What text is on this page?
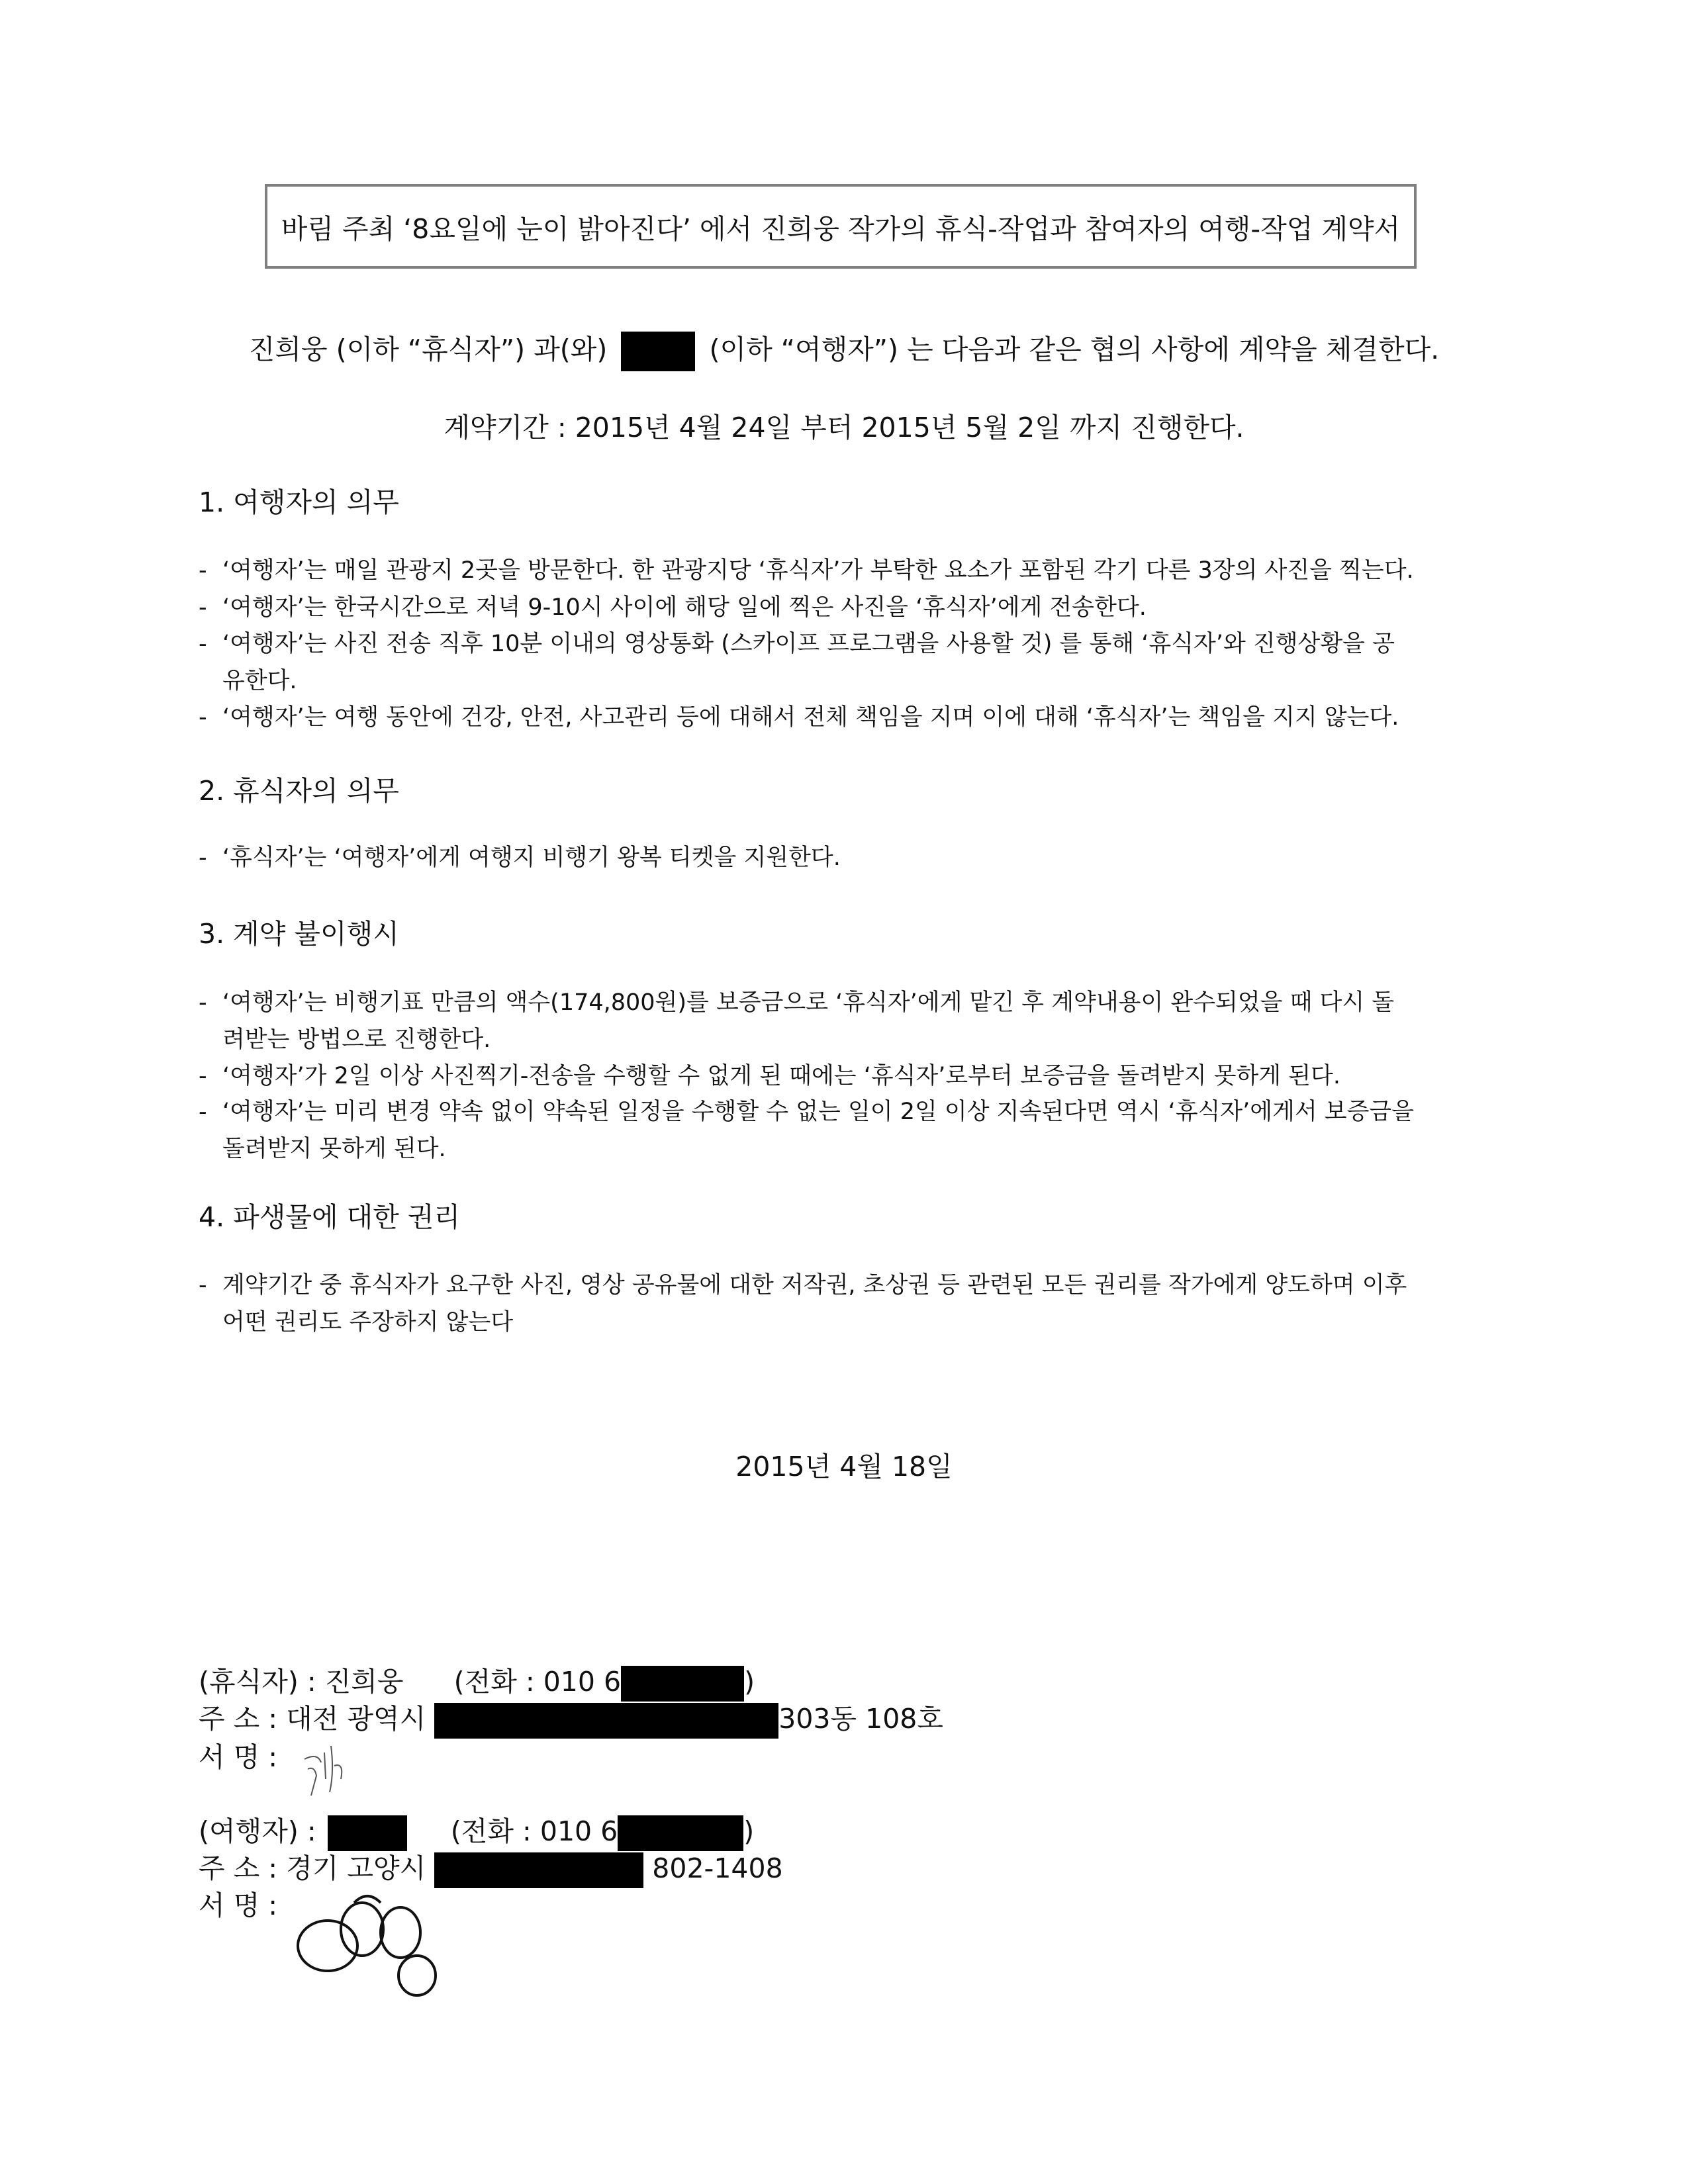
바림 주최 ‘8요일에 눈이 밝아진다’ 에서 진희웅 작가의 휴식-작업과 참여자의 여행-작업 계약서
진희웅 (이하 “휴식자”) 과(와)	(이하 “여행자”) 는 다음과 같은 협의 사항에 계약을 체결한다.
계약기간 : 2015년 4월 24일 부터 2015년 5월 2일 까지 진행한다.
1. 여행자의 의무
- ‘여행자’는 매일 관광지 2곳을 방문한다. 한 관광지당 ‘휴식자’가 부탁한 요소가 포함된 각기 다른 3장의 사진을 찍는다.
- ‘여행자’는 한국시간으로 저녁 9-10시 사이에 해당 일에 찍은 사진을 ‘휴식자’에게 전송한다.
- ‘여행자’는 사진 전송 직후 10분 이내의 영상통화 (스카이프 프로그램을 사용할 것) 를 통해 ‘휴식자’와 진행상황을 공
유한다.
- ‘여행자’는 여행 동안에 건강, 안전, 사고관리 등에 대해서 전체 책임을 지며 이에 대해 ‘휴식자’는 책임을 지지 않는다.
2. 휴식자의 의무
- ‘휴식자’는 ‘여행자’에게 여행지 비행기 왕복 티켓을 지원한다.
3. 계약 불이행시
- ‘여행자’는 비행기표 만큼의 액수(174,800원)를 보증금으로 ‘휴식자’에게 맡긴 후 계약내용이 완수되었을 때 다시 돌
려받는 방법으로 진행한다.
- ‘여행자’가 2일 이상 사진찍기-전송을 수행할 수 없게 된 때에는 ‘휴식자’로부터 보증금을 돌려받지 못하게 된다.
- ‘여행자’는 미리 변경 약속 없이 약속된 일정을 수행할 수 없는 일이 2일 이상 지속된다면 역시 ‘휴식자’에게서 보증금을
돌려받지 못하게 된다.
4. 파생물에 대한 권리
- 계약기간 중 휴식자가 요구한 사진, 영상 공유물에 대한 저작권, 초상권 등 관련된 모든 권리를 작가에게 양도하며 이후
어떤 권리도 주장하지 않는다
2015년 4월 18일
(휴식자) : 진희웅 (전화 : 010 6	)
주 소 : 대전 광역시	303동 108호
서 명 :
(여행자) :	(전화 : 010 6	)
주 소 : 경기 고양시	802-1408
서 명 :
